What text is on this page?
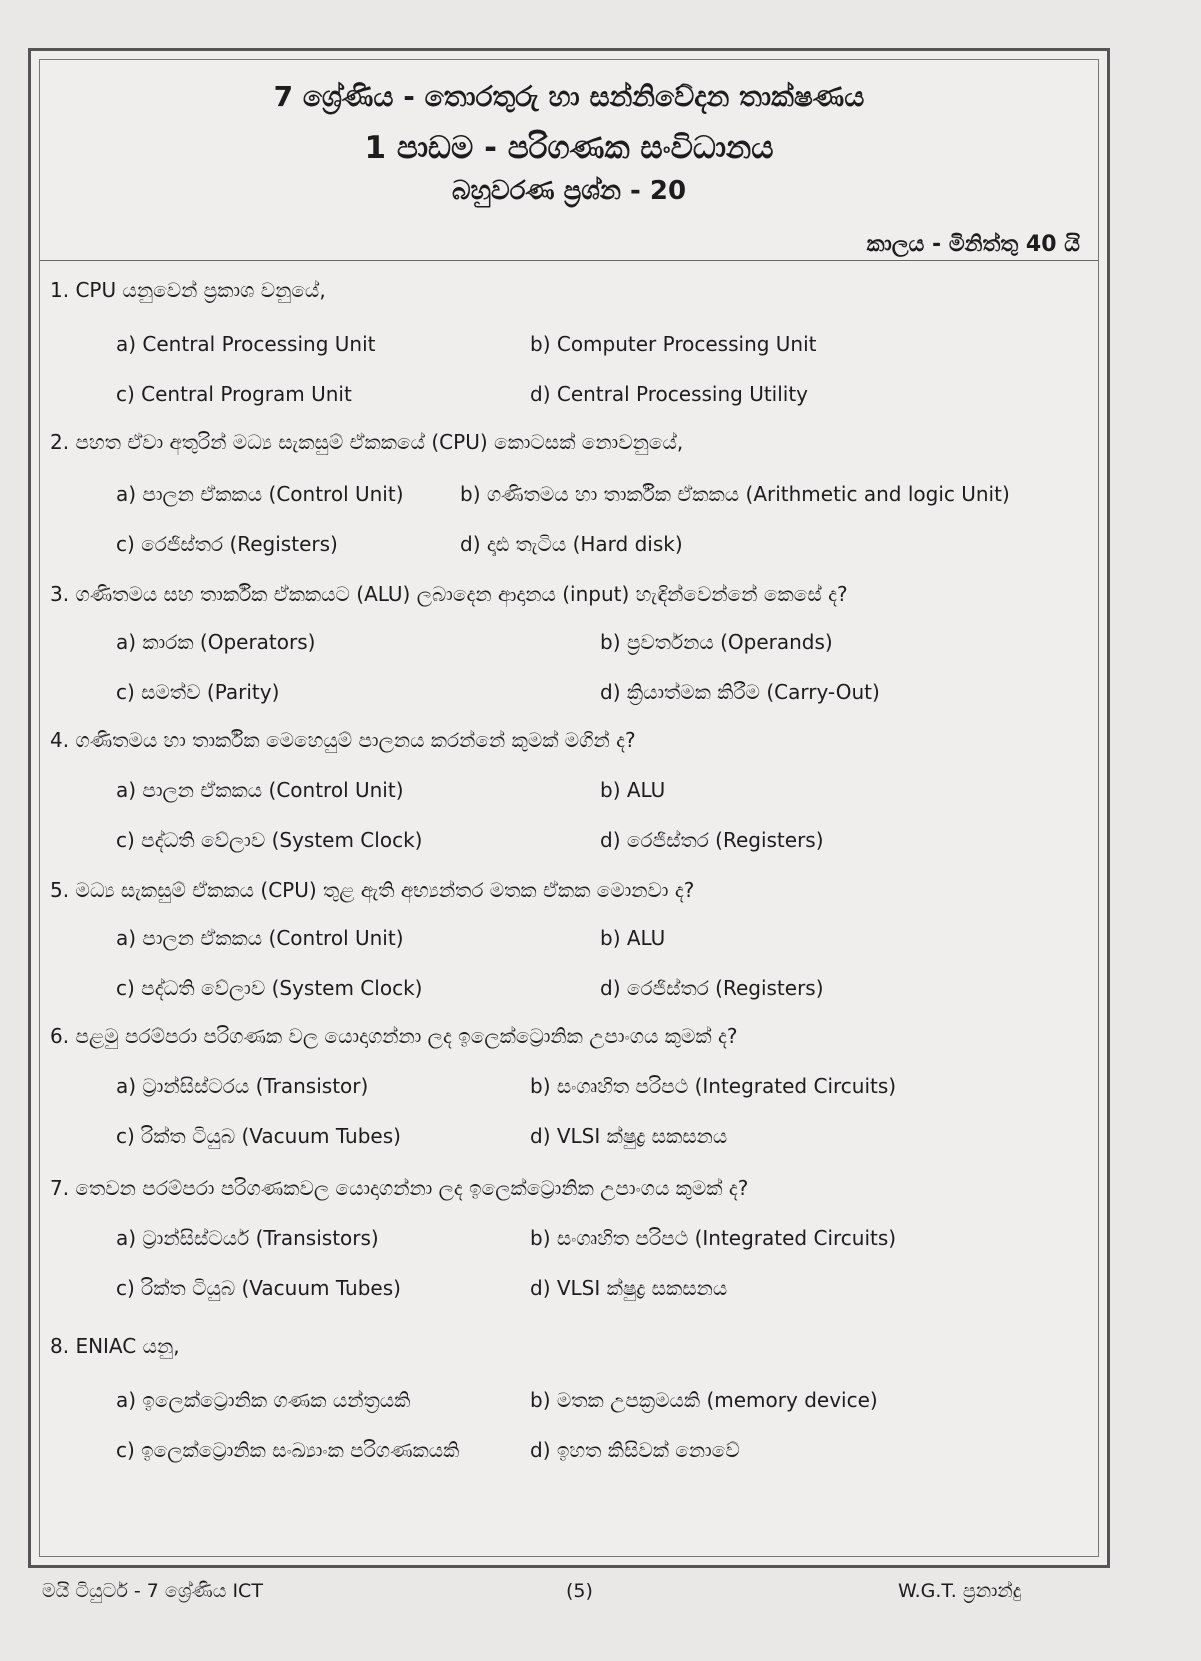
7 ශ්‍රේණිය - තොරතුරු හා සන්නිවේදන තාක්ෂණය
1 පාඩම - පරිගණක සංවිධානය
බහුවරණ ප්‍රශ්න - 20
කාලය - මිනිත්තු 40 යි
1. CPU යනුවෙන් ප්‍රකාශ වනුයේ,
a) Central Processing Unit	b) Computer Processing Unit
c) Central Program Unit	d) Central Processing Utility
2. පහත ඒවා අතුරින් මධ්‍ය සැකසුම් ඒකකයේ (CPU) කොටසක් නොවනුයේ,
a) පාලන ඒකකය (Control Unit)	b) ගණිතමය හා තාර්කික ඒකකය (Arithmetic and logic Unit)
c) රෙජිස්තර (Registers)	d) දෘඪ තැටිය (Hard disk)
3. ගණිතමය සහ තාර්කික ඒකකයට (ALU) ලබාදෙන ආදානය (input) හැඳින්වෙන්නේ කෙසේ ද?
a) කාරක (Operators)	b) ප්‍රවර්තනය (Operands)
c) සමත්ව (Parity)	d) ක්‍රියාත්මක කිරීම (Carry-Out)
4. ගණිතමය හා තාර්කික මෙහෙයුම් පාලනය කරන්නේ කුමක් මගින් ද?
a) පාලන ඒකකය (Control Unit)	b) ALU
c) පද්ධති වේලාව (System Clock)	d) රෙජිස්තර (Registers)
5. මධ්‍ය සැකසුම් ඒකකය (CPU) තුළ ඇති අභ්‍යන්තර මතක ඒකක මොනවා ද?
a) පාලන ඒකකය (Control Unit)	b) ALU
c) පද්ධති වේලාව (System Clock)	d) රෙජිස්තර (Registers)
6. පළමු පරම්පරා පරිගණක වල යොදාගන්නා ලද ඉලෙක්ට්‍රොනික උපාංගය කුමක් ද?
a) ට්‍රාන්සිස්ටරය (Transistor)	b) සංගෘහිත පරිපථ (Integrated Circuits)
c) රික්ත ටියුබ (Vacuum Tubes)	d) VLSI ක්ෂුද්‍ර සකසනය
7. තෙවන පරම්පරා පරිගණකවල යොදාගන්නා ලද ඉලෙක්ට්‍රොනික උපාංගය කුමක් ද?
a) ට්‍රාන්සිස්ටර්ය (Transistors)	b) සංගෘහිත පරිපථ (Integrated Circuits)
c) රික්ත ටියුබ (Vacuum Tubes)	d) VLSI ක්ෂුද්‍ර සකසනය
8. ENIAC යනු,
a) ඉලෙක්ට්‍රොනික ගණක යන්ත්‍රයකි	b) මතක උපක්‍රමයකි (memory device)
c) ඉලෙක්ට්‍රොනික සංඛ්‍යාංක පරිගණකයකි	d) ඉහත කිසිවක් නොවේ
මයි ටියුටර් - 7 ශ්‍රේණිය ICT	(5)	W.G.T. ප්‍රනාන්දු
